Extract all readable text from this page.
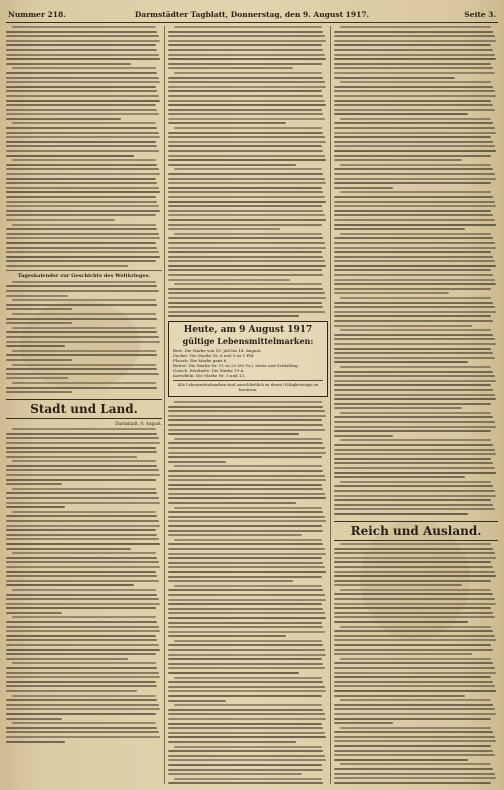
Nummer 218.	Darmstädter Tagblatt, Donnerstag, den 9. August 1917.	Seite 3.
Tageskalender zur Geschichte des Weltkrieges.
Stadt und Land.
Darmstadt, 9. August.
Heute, am 9 August 1917
gültige Lebensmittelmarken:
Brot: Die Marke von 18. Juli bis 14. August.
Zucker: Die Marke Nr. 6 und 9 zu 1 Pfd.
Fleisch: Die Marke ganz 6.
Butter: Die Marke Nr. 11 zu 20 (60 Gr.), letzte und Schlußtag.
Gutsch. Eierkarte: Die Marke 19 A.
Kartoffeln: Die Marke Nr. 5 und 13.
Alle Lebensmittelmarken sind ausschließlich zu ihrem Gültigkeitstage zu benützen.
Reich und Ausland.
